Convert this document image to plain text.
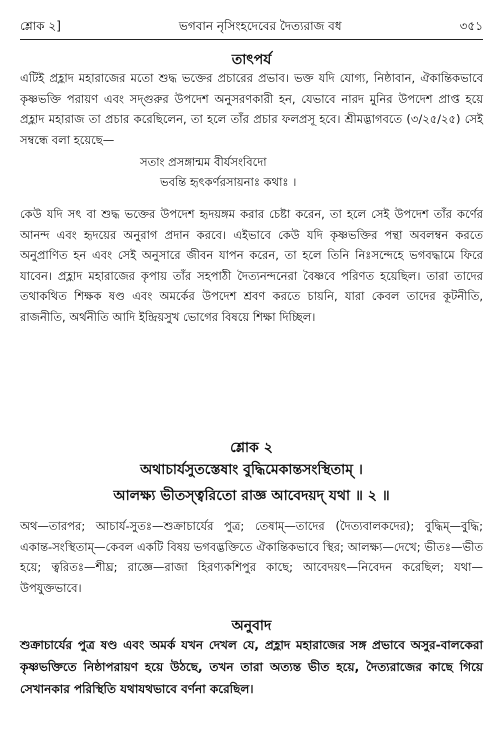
শ্লোক ২]	ভগবান নৃসিংহদেবের দৈত্যরাজ বধ	৩৫১
তাৎপর্য

এটিই প্রহ্লাদ মহারাজের মতো শুদ্ধ ভক্তের প্রচারের প্রভাব। ভক্ত যদি যোগ্য, নিষ্ঠাবান, ঐকান্তিকভাবে কৃষ্ণভক্তি পরায়ণ এবং সদ্গুরুর উপদেশ অনুসরণকারী হন, যেভাবে নারদ মুনির উপদেশ প্রাপ্ত হয়ে প্রহ্লাদ মহারাজ তা প্রচার করেছিলেন, তা হলে তাঁর প্রচার ফলপ্রসূ হবে। শ্রীমদ্ভাগবতে (৩/২৫/২৫) সেই সম্বন্ধে বলা হয়েছে—

সতাং প্রসঙ্গান্মম বীর্যসংবিদো
ভবন্তি হৃৎকর্ণরসায়নাঃ কথাঃ ।

কেউ যদি সৎ বা শুদ্ধ ভক্তের উপদেশ হৃদয়ঙ্গম করার চেষ্টা করেন, তা হলে সেই উপদেশ তাঁর কর্ণের আনন্দ এবং হৃদয়ের অনুরাগ প্রদান করবে। এইভাবে কেউ যদি কৃষ্ণভক্তির পন্থা অবলম্বন করতে অনুপ্রাণিত হন এবং সেই অনুসারে জীবন যাপন করেন, তা হলে তিনি নিঃসন্দেহে ভগবদ্ধামে ফিরে যাবেন। প্রহ্লাদ মহারাজের কৃপায় তাঁর সহপাঠী দৈত্যনন্দনেরা বৈষ্ণবে পরিণত হয়েছিল। তারা তাদের তথাকথিত শিক্ষক ষণ্ড এবং অমর্কের উপদেশ শ্রবণ করতে চায়নি, যারা কেবল তাদের কূটনীতি, রাজনীতি, অর্থনীতি আদি ইন্দ্রিয়সুখ ভোগের বিষয়ে শিক্ষা দিচ্ছিল।

শ্লোক ২
অথাচার্যসুতস্তেষাং বুদ্ধিমেকান্তসংস্থিতাম্ ।
আলক্ষ্য ভীতস্ত্বরিতো রাজ্ঞ আবেদয়দ্ যথা ॥ ২ ॥

অথ—তারপর; আচার্য-সুতঃ—শুক্রাচার্যের পুত্র; তেষাম্—তাদের (দৈত্যবালকদের); বুদ্ধিম্—বুদ্ধি; একান্ত-সংস্থিতাম্—কেবল একটি বিষয় ভগবদ্ভক্তিতে ঐকান্তিকভাবে স্থির; আলক্ষ্য—দেখে; ভীতঃ—ভীত হয়ে; ত্বরিতঃ—শীঘ্র; রাজ্ঞে—রাজা হিরণ্যকশিপুর কাছে; আবেদয়ৎ—নিবেদন করেছিল; যথা—উপযুক্তভাবে।

অনুবাদ

শুক্রাচার্যের পুত্র ষণ্ড এবং অমর্ক যখন দেখল যে, প্রহ্লাদ মহারাজের সঙ্গ প্রভাবে অসুর-বালকেরা কৃষ্ণভক্তিতে নিষ্ঠাপরায়ণ হয়ে উঠছে, তখন তারা অত্যন্ত ভীত হয়ে, দৈত্যরাজের কাছে গিয়ে সেখানকার পরিস্থিতি যথাযথভাবে বর্ণনা করেছিল।
